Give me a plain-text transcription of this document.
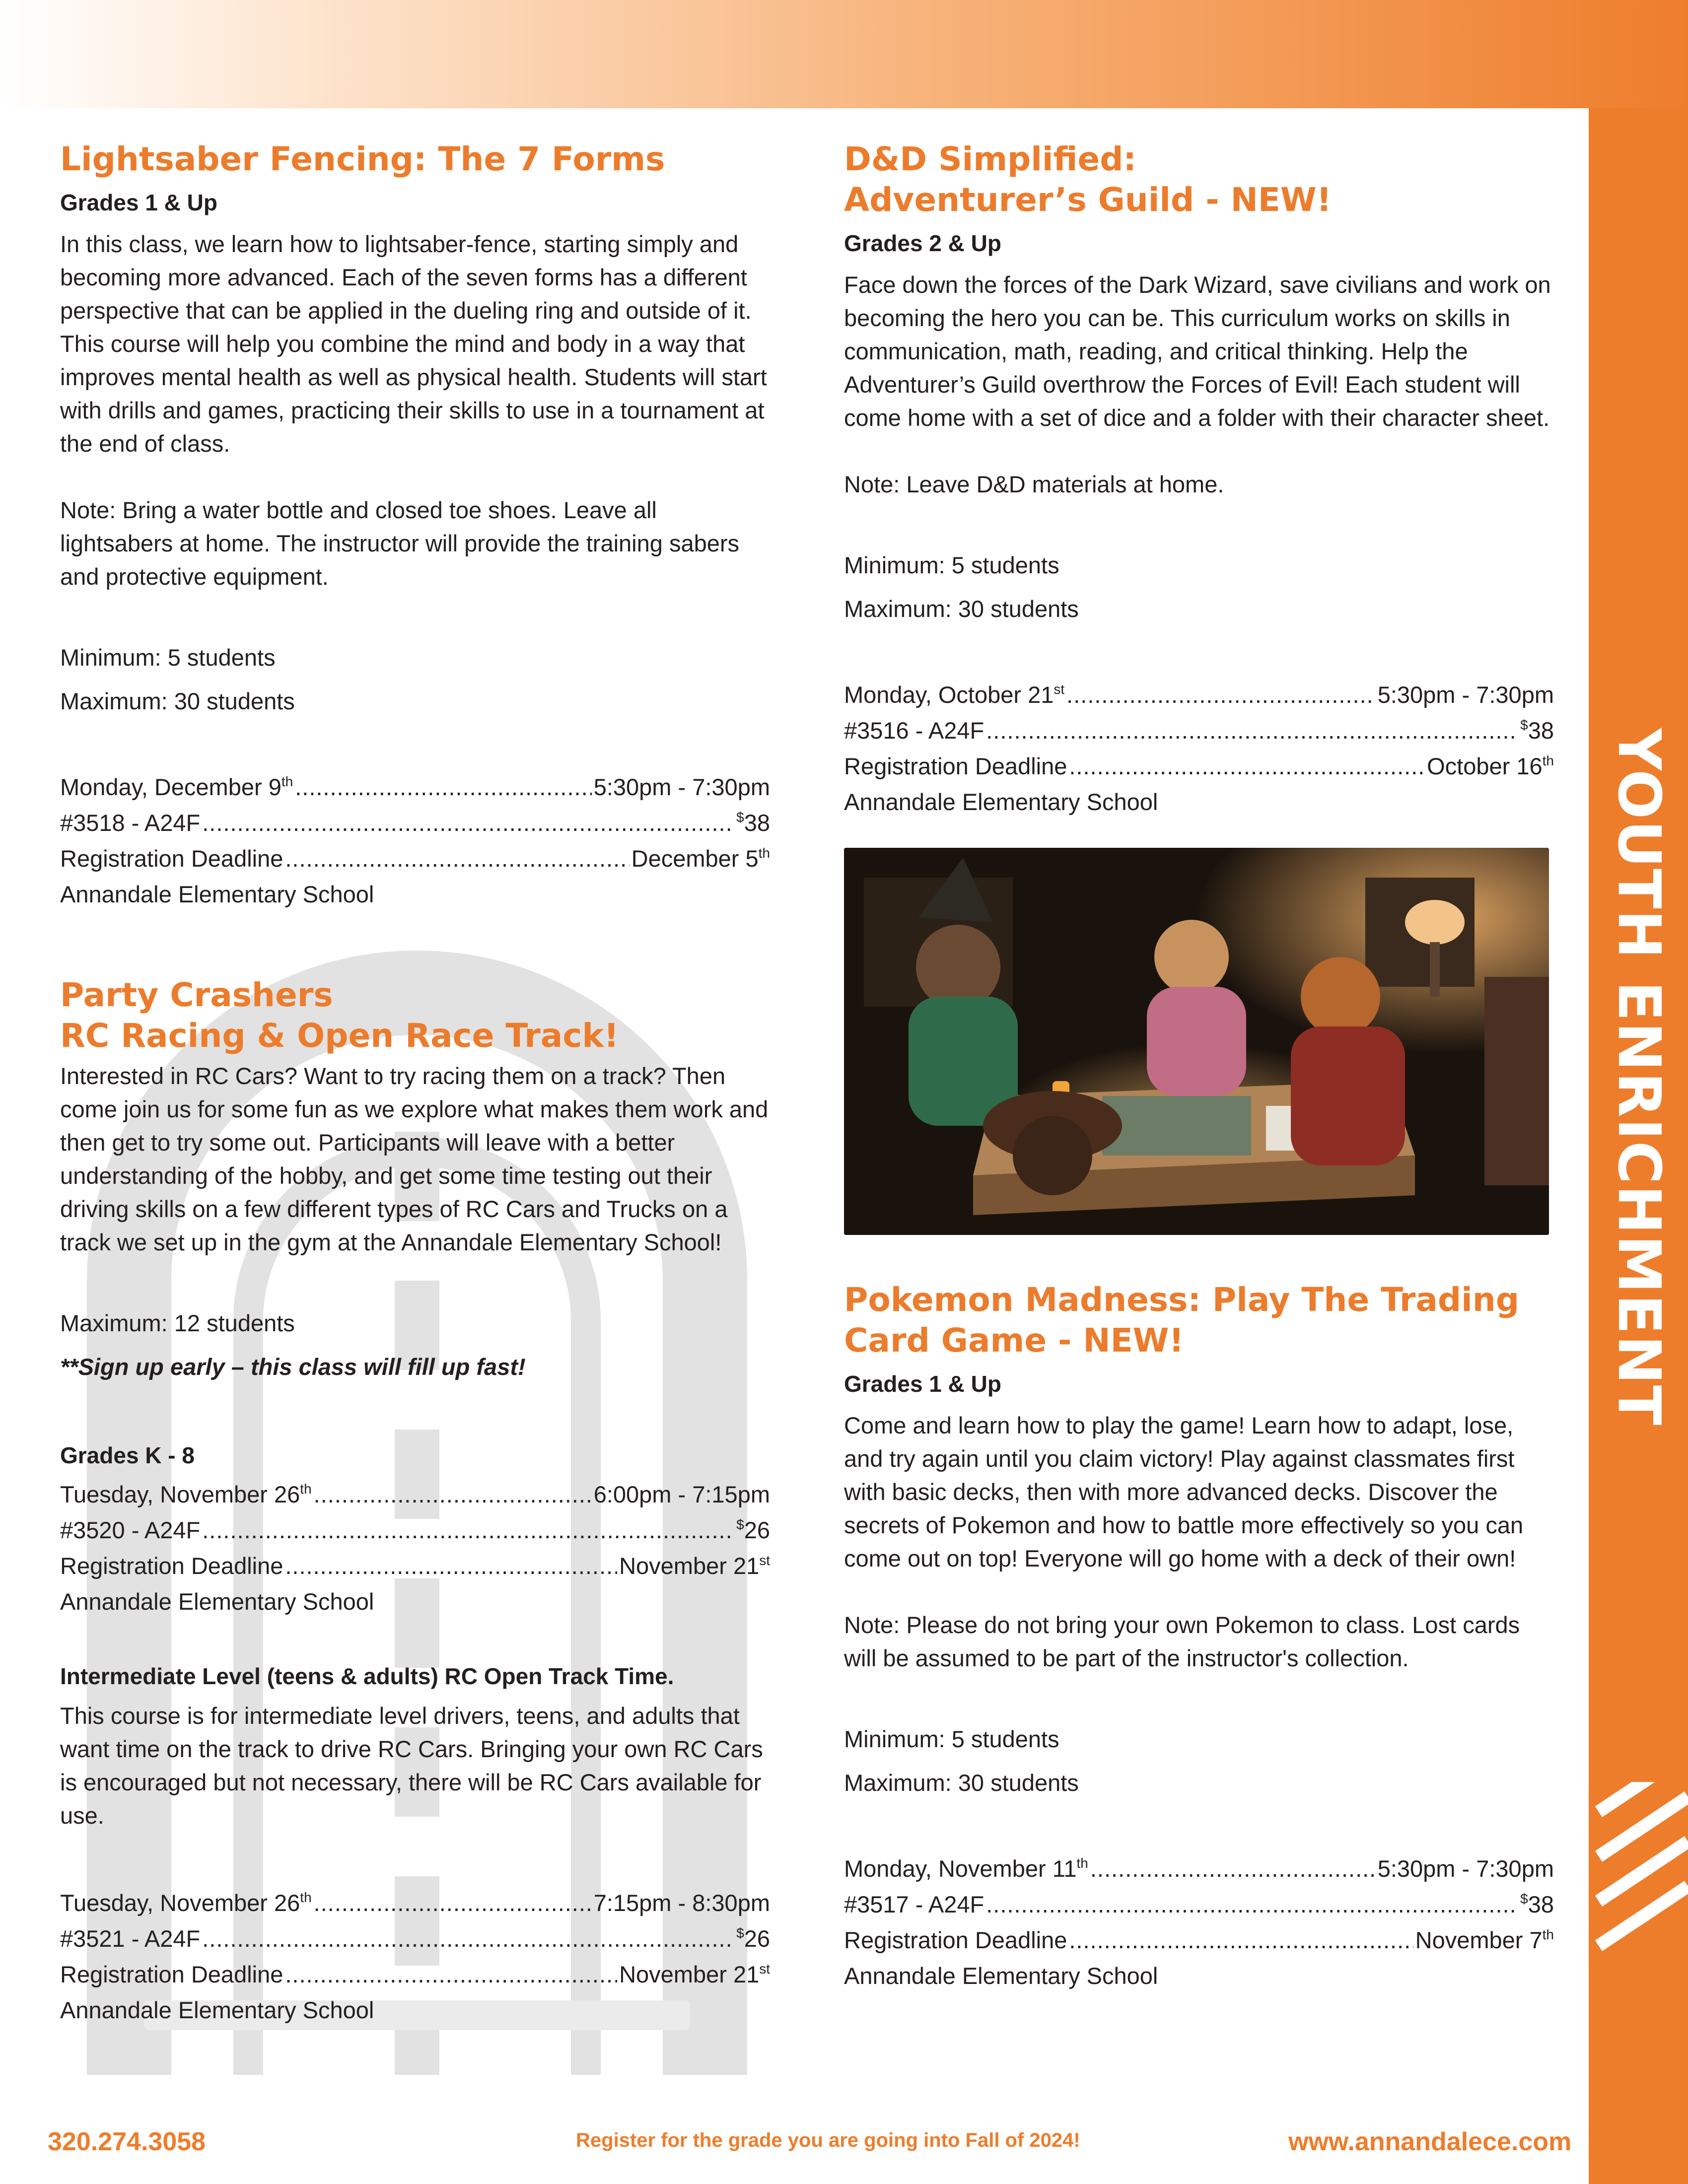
YOUTH ENRICHMENT
Lightsaber Fencing: The 7 Forms
Grades 1 & Up

In this class, we learn how to lightsaber-fence, starting simply and becoming more advanced. Each of the seven forms has a different perspective that can be applied in the dueling ring and outside of it. This course will help you combine the mind and body in a way that improves mental health as well as physical health. Students will start with drills and games, practicing their skills to use in a tournament at the end of class.

Note: Bring a water bottle and closed toe shoes. Leave all lightsabers at home. The instructor will provide the training sabers and protective equipment.

Minimum: 5 students
Maximum: 30 students
Monday, December 9th .....	5:30pm - 7:30pm
#3518 - A24F .....	$38
Registration Deadline .....	December 5th
Annandale Elementary School
Party Crashers
RC Racing & Open Race Track!

Interested in RC Cars? Want to try racing them on a track? Then come join us for some fun as we explore what makes them work and then get to try some out. Participants will leave with a better understanding of the hobby, and get some time testing out their driving skills on a few different types of RC Cars and Trucks on a track we set up in the gym at the Annandale Elementary School!

Maximum: 12 students
**Sign up early – this class will fill up fast!
Grades K - 8
Tuesday, November 26th .....	6:00pm - 7:15pm
#3520 - A24F .....	$26
Registration Deadline .....	November 21st
Annandale Elementary School
Intermediate Level (teens & adults) RC Open Track Time.

This course is for intermediate level drivers, teens, and adults that want time on the track to drive RC Cars. Bringing your own RC Cars is encouraged but not necessary, there will be RC Cars available for use.

Tuesday, November 26th .....	7:15pm - 8:30pm
#3521 - A24F .....	$26
Registration Deadline .....	November 21st
Annandale Elementary School
D&D Simplified:
Adventurer’s Guild - NEW!
Grades 2 & Up

Face down the forces of the Dark Wizard, save civilians and work on becoming the hero you can be. This curriculum works on skills in communication, math, reading, and critical thinking. Help the Adventurer’s Guild overthrow the Forces of Evil! Each student will come home with a set of dice and a folder with their character sheet.

Note: Leave D&D materials at home.

Minimum: 5 students
Maximum: 30 students
Monday, October 21st .....	5:30pm - 7:30pm
#3516 - A24F .....	$38
Registration Deadline .....	October 16th
Annandale Elementary School
Pokemon Madness: Play The Trading
Card Game - NEW!
Grades 1 & Up

Come and learn how to play the game! Learn how to adapt, lose, and try again until you claim victory! Play against classmates first with basic decks, then with more advanced decks. Discover the secrets of Pokemon and how to battle more effectively so you can come out on top! Everyone will go home with a deck of their own!

Note: Please do not bring your own Pokemon to class. Lost cards will be assumed to be part of the instructor's collection.

Minimum: 5 students
Maximum: 30 students
Monday, November 11th .....	5:30pm - 7:30pm
#3517 - A24F .....	$38
Registration Deadline .....	November 7th
Annandale Elementary School
320.274.3058	Register for the grade you are going into Fall of 2024!	www.annandalece.com 8
